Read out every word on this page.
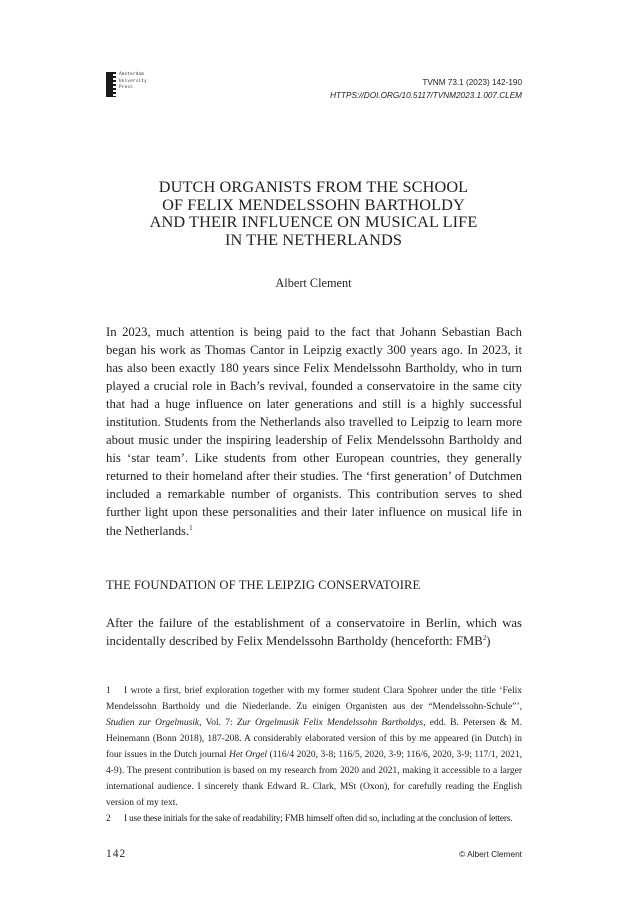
Amsterdam
University
Press
TVNM 73.1 (2023) 142-190
HTTPS://DOI.ORG/10.5117/TVNM2023.1.007.CLEM
DUTCH ORGANISTS FROM THE SCHOOL
OF FELIX MENDELSSOHN BARTHOLDY
AND THEIR INFLUENCE ON MUSICAL LIFE
IN THE NETHERLANDS
Albert Clement
In 2023, much attention is being paid to the fact that Johann Sebastian Bach began his work as Thomas Cantor in Leipzig exactly 300 years ago. In 2023, it has also been exactly 180 years since Felix Mendelssohn Bartholdy, who in turn played a crucial role in Bach’s revival, founded a conservatoire in the same city that had a huge influence on later generations and still is a highly successful institution. Students from the Netherlands also travelled to Leipzig to learn more about music under the inspiring leadership of Felix Mendelssohn Bartholdy and his ‘star team’. Like students from other European countries, they generally returned to their homeland after their studies. The ‘first generation’ of Dutchmen included a remarkable number of organists. This contribution serves to shed further light upon these personalities and their later influence on musical life in the Netherlands.$^1$
THE FOUNDATION OF THE LEIPZIG CONSERVATOIRE
After the failure of the establishment of a conservatoire in Berlin, which was incidentally described by Felix Mendelssohn Bartholdy (henceforth: FMB$^2$)
1 I wrote a first, brief exploration together with my former student Clara Spohrer under the title ‘Felix Mendelssohn Bartholdy und die Niederlande. Zu einigen Organisten aus der “Mendelssohn-Schule”’, Studien zur Orgelmusik, Vol. 7: Zur Orgelmusik Felix Mendelssohn Bartholdys, edd. B. Petersen & M. Heinemann (Bonn 2018), 187-208. A considerably elaborated version of this by me appeared (in Dutch) in four issues in the Dutch journal Het Orgel (116/4 2020, 3-8; 116/5, 2020, 3-9; 116/6, 2020, 3-9; 117/1, 2021, 4-9). The present contribution is based on my research from 2020 and 2021, making it accessible to a larger international audience. I sincerely thank Edward R. Clark, MSt (Oxon), for carefully reading the English version of my text.
2 I use these initials for the sake of readability; FMB himself often did so, including at the conclusion of letters.
142	© Albert Clement
